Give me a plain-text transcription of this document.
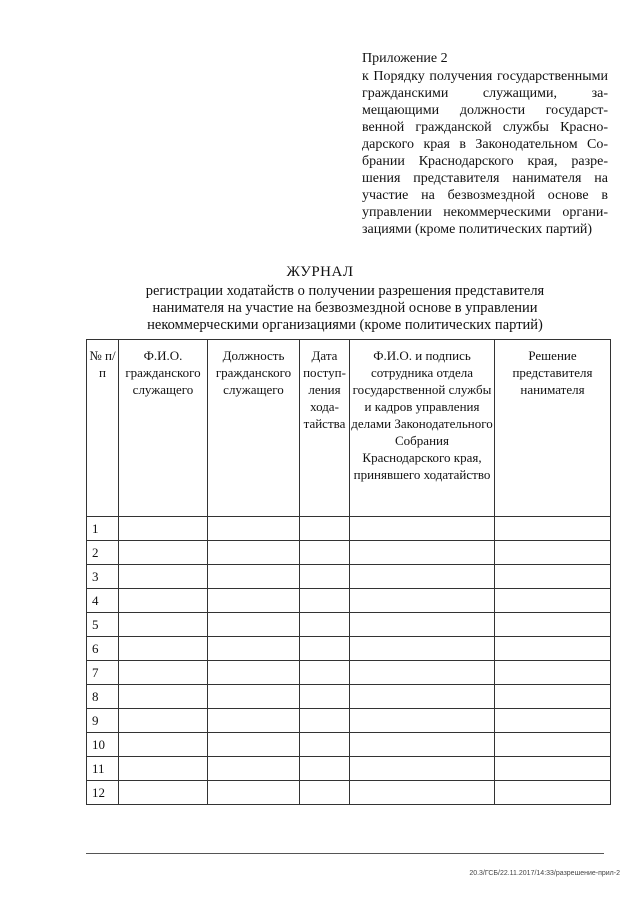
Приложение 2
к Порядку получения государственными гражданскими служащими, замещающими должности государственной гражданской службы Краснодарского края в Законодательном Собрании Краснодарского края, разрешения представителя нанимателя на участие на безвозмездной основе в управлении некоммерческими организациями (кроме политических партий)
ЖУРНАЛ
регистрации ходатайств о получении разрешения представителя нанимателя на участие на безвозмездной основе в управлении некоммерческими организациями (кроме политических партий)
№ п/п	Ф.И.О. гражданского служащего	Должность гражданского служащего	Дата поступления ходатайства	Ф.И.О. и подпись сотрудника отдела государственной службы и кадров управления делами Законодательного Собрания Краснодарского края, принявшего ходатайство	Решение представителя нанимателя
1					
2					
3					
4					
5					
6					
7					
8					
9					
10					
11					
12					
20.3/ГСБ/22.11.2017/14:33/разрешение-прил-2
